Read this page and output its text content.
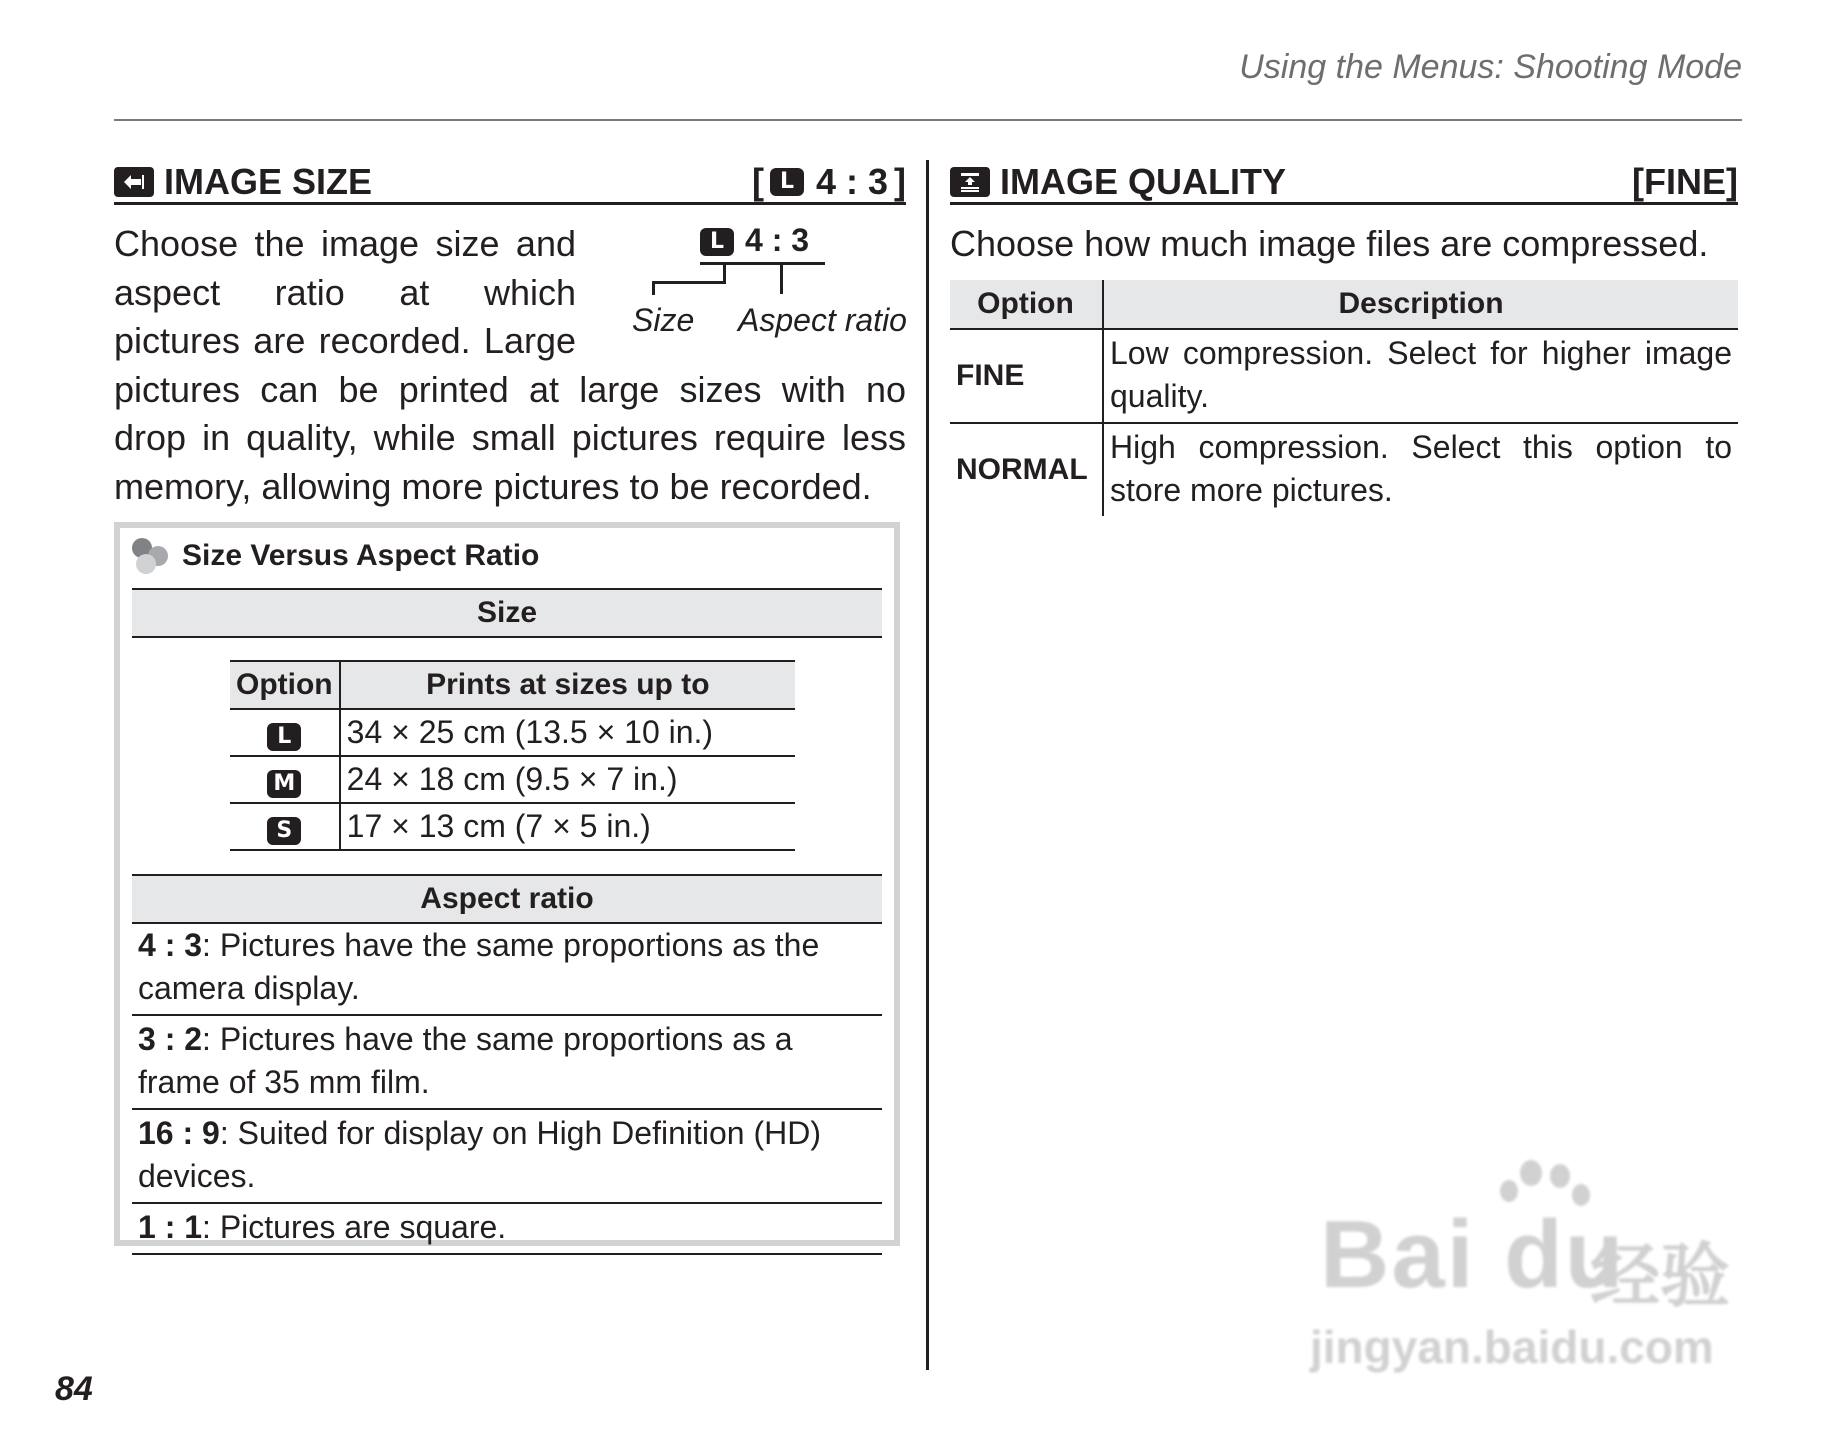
Using the Menus: Shooting Mode
IMAGE SIZE	[ L 4 : 3 ]

Choose the image size and aspect ratio at which pictures are recorded. Large pictures can be printed at large sizes with no drop in quality, while small pictures require less memory, allowing more pictures to be recorded.

L 4 : 3
Size Aspect ratio
Size Versus Aspect Ratio
Size
Option	Prints at sizes up to
L	34 × 25 cm (13.5 × 10 in.)
M	24 × 18 cm (9.5 × 7 in.)
S	17 × 13 cm (7 × 5 in.)
Aspect ratio
4 : 3: Pictures have the same proportions as the camera display.
3 : 2: Pictures have the same proportions as a frame of 35 mm film.
16 : 9: Suited for display on High Definition (HD) devices.
1 : 1: Pictures are square.
IMAGE QUALITY	[FINE]

Choose how much image files are compressed.

Option	Description
FINE	Low compression. Select for higher image quality.
NORMAL	High compression. Select this option to store more pictures.
Bai du
经验
jingyan.baidu.com
84
